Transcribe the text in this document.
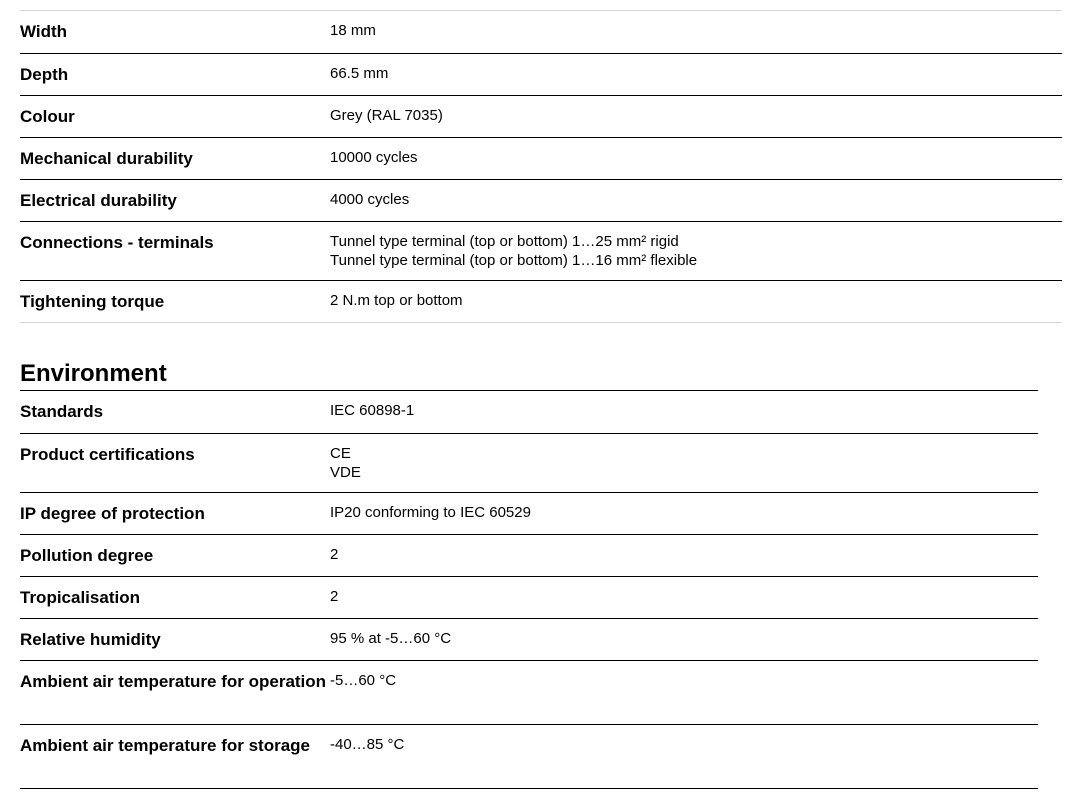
Width	18 mm
Depth	66.5 mm
Colour	Grey (RAL 7035)
Mechanical durability	10000 cycles
Electrical durability	4000 cycles
Connections - terminals	Tunnel type terminal (top or bottom) 1…25 mm² rigid
Tunnel type terminal (top or bottom) 1…16 mm² flexible
Tightening torque	2 N.m top or bottom
Environment
Standards	IEC 60898-1
Product certifications	CE
VDE
IP degree of protection	IP20 conforming to IEC 60529
Pollution degree	2
Tropicalisation	2
Relative humidity	95 % at -5…60 °C
Ambient air temperature for operation -5…60 °C
Ambient air temperature for storage	-40…85 °C
